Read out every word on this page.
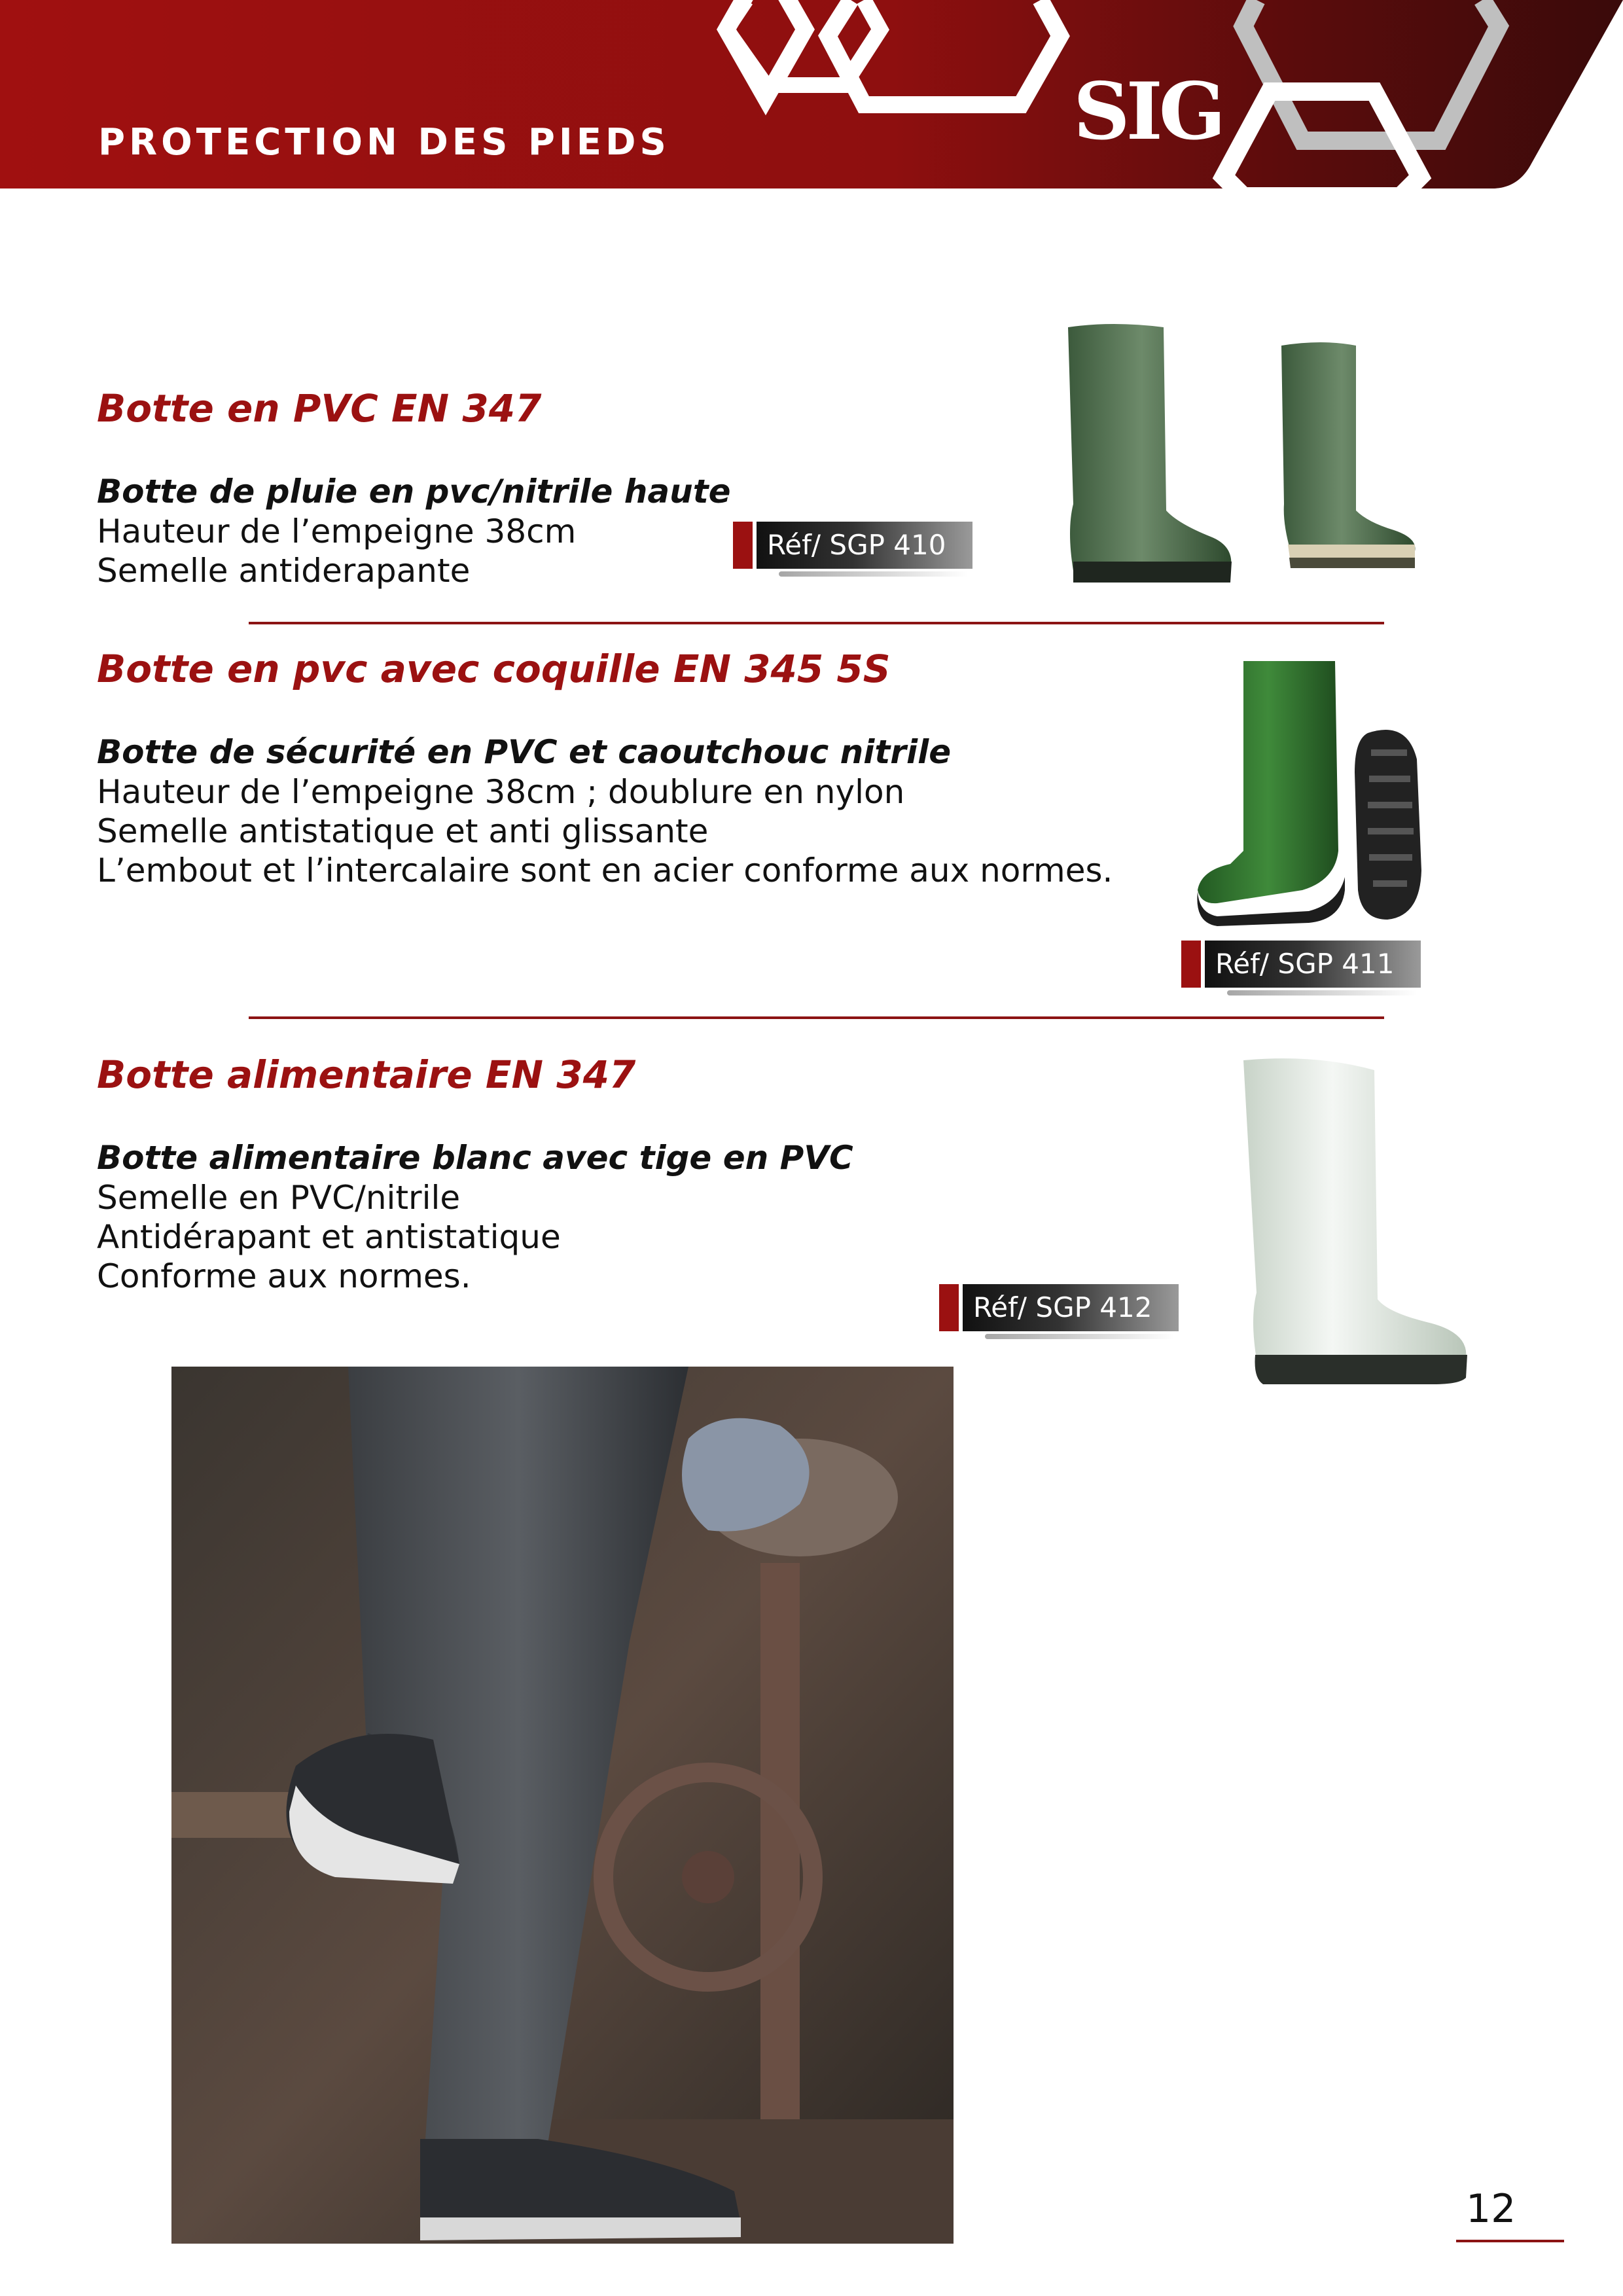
SIG
PROTECTION DES PIEDS
Botte en PVC EN 347
Botte de pluie en pvc/nitrile haute
Hauteur de l’empeigne 38cm
Semelle antiderapante
Réf/ SGP 410
Botte en pvc avec coquille EN 345 5S
Botte de sécurité en PVC et caoutchouc nitrile
Hauteur de l’empeigne 38cm ; doublure en nylon
Semelle antistatique et anti glissante
L’embout et l’intercalaire sont en acier conforme aux normes.
Réf/ SGP 411
Botte alimentaire EN 347
Botte alimentaire blanc avec tige en PVC
Semelle en PVC/nitrile
Antidérapant et antistatique
Conforme aux normes.
Réf/ SGP 412
12
